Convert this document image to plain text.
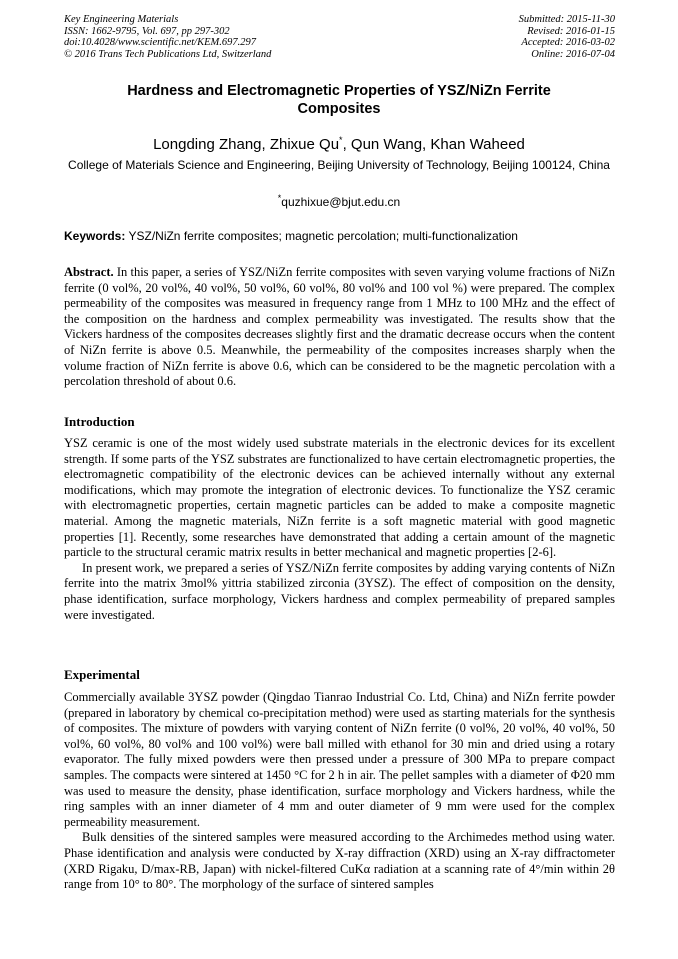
Key Engineering Materials
ISSN: 1662-9795, Vol. 697, pp 297-302
doi:10.4028/www.scientific.net/KEM.697.297
© 2016 Trans Tech Publications Ltd, Switzerland
Submitted: 2015-11-30
Revised: 2016-01-15
Accepted: 2016-03-02
Online: 2016-07-04
Hardness and Electromagnetic Properties of YSZ/NiZn Ferrite Composites
Longding Zhang, Zhixue Qu*, Qun Wang, Khan Waheed
College of Materials Science and Engineering, Beijing University of Technology, Beijing 100124, China
*quzhixue@bjut.edu.cn
Keywords: YSZ/NiZn ferrite composites; magnetic percolation; multi-functionalization

Abstract. In this paper, a series of YSZ/NiZn ferrite composites with seven varying volume fractions of NiZn ferrite (0 vol%, 20 vol%, 40 vol%, 50 vol%, 60 vol%, 80 vol% and 100 vol %) were prepared. The complex permeability of the composites was measured in frequency range from 1 MHz to 100 MHz and the effect of the composition on the hardness and complex permeability was investigated. The results show that the Vickers hardness of the composites decreases slightly first and the dramatic decrease occurs when the content of NiZn ferrite is above 0.5. Meanwhile, the permeability of the composites increases sharply when the volume fraction of NiZn ferrite is above 0.6, which can be considered to be the magnetic percolation with a percolation threshold of about 0.6.

Introduction

YSZ ceramic is one of the most widely used substrate materials in the electronic devices for its excellent strength. If some parts of the YSZ substrates are functionalized to have certain electromagnetic properties, the electromagnetic compatibility of the electronic devices can be achieved internally without any external modifications, which may promote the integration of electronic devices. To functionalize the YSZ ceramic with electromagnetic properties, certain magnetic particles can be added to make a composite magnetic material. Among the magnetic materials, NiZn ferrite is a soft magnetic material with good magnetic properties [1]. Recently, some researches have demonstrated that adding a certain amount of the magnetic particle to the structural ceramic matrix results in better mechanical and magnetic properties [2-6].

In present work, we prepared a series of YSZ/NiZn ferrite composites by adding varying contents of NiZn ferrite into the matrix 3mol% yittria stabilized zirconia (3YSZ). The effect of composition on the density, phase identification, surface morphology, Vickers hardness and complex permeability of prepared samples were investigated.

Experimental

Commercially available 3YSZ powder (Qingdao Tianrao Industrial Co. Ltd, China) and NiZn ferrite powder (prepared in laboratory by chemical co-precipitation method) were used as starting materials for the synthesis of composites. The mixture of powders with varying content of NiZn ferrite (0 vol%, 20 vol%, 40 vol%, 50 vol%, 60 vol%, 80 vol% and 100 vol%) were ball milled with ethanol for 30 min and dried using a rotary evaporator. The fully mixed powders were then pressed under a pressure of 300 MPa to prepare compact samples. The compacts were sintered at 1450 °C for 2 h in air. The pellet samples with a diameter of Φ20 mm was used to measure the density, phase identification, surface morphology and Vickers hardness, while the ring samples with an inner diameter of 4 mm and outer diameter of 9 mm were used for the complex permeability measurement.

Bulk densities of the sintered samples were measured according to the Archimedes method using water. Phase identification and analysis were conducted by X-ray diffraction (XRD) using an X-ray diffractometer (XRD Rigaku, D/max-RB, Japan) with nickel-filtered CuKα radiation at a scanning rate of 4°/min within 2θ range from 10° to 80°. The morphology of the surface of sintered samples
